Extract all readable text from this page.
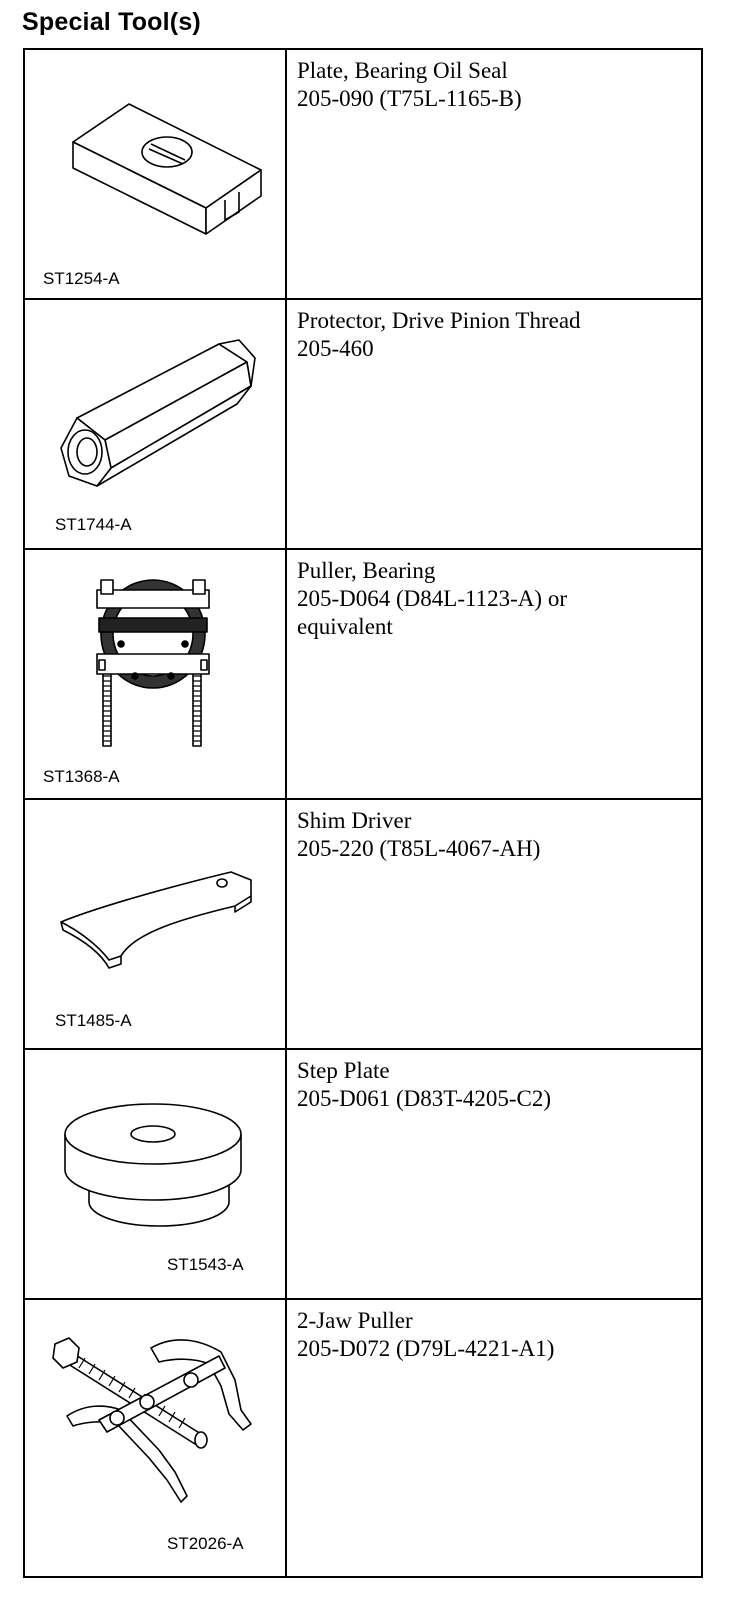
Special Tool(s)
ST1254-A	Plate, Bearing Oil Seal
205-090 (T75L-1165-B)

ST1744-A	Protector, Drive Pinion Thread
205-460

ST1368-A	Puller, Bearing
205-D064 (D84L-1123-A) or
equivalent

ST1485-A	Shim Driver
205-220 (T85L-4067-AH)

ST1543-A	Step Plate
205-D061 (D83T-4205-C2)

ST2026-A	2-Jaw Puller
205-D072 (D79L-4221-A1)
